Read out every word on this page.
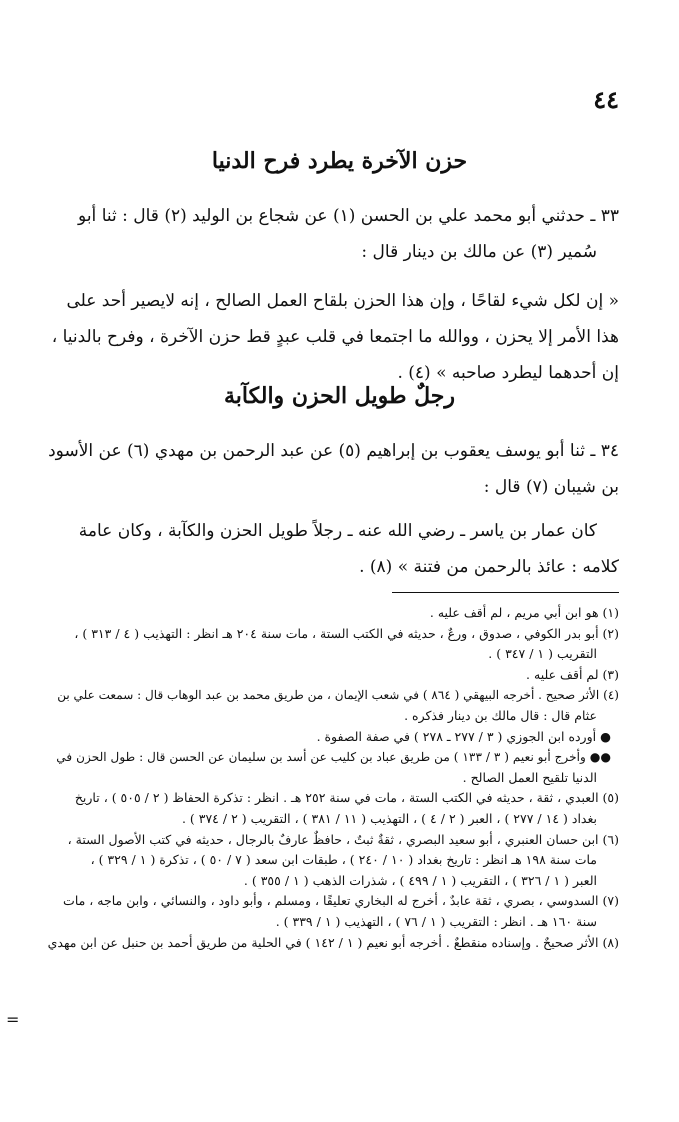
٤٤
حزن الآخرة يطرد فرح الدنيا
٣٣ ـ حدثني أبو محمد علي بن الحسن (١) عن شجاع بن الوليد (٢) قال : ثنا أبو
سُمير (٣) عن مالك بن دينار قال :
« إن لكل شيء لقاحًا ، وإن هذا الحزن بلقاح العمل الصالح ، إنه لايصير أحد على
هذا الأمر إلا يحزن ، ووالله ما اجتمعا في قلب عبدٍ قط حزن الآخرة ، وفرح بالدنيا ،
إن أحدهما ليطرد صاحبه » (٤) .
رجلٌ طويل الحزن والكآبة
٣٤ ـ ثنا أبو يوسف يعقوب بن إبراهيم (٥) عن عبد الرحمن بن مهدي (٦) عن الأسود
بن شيبان (٧) قال :
كان عمار بن ياسر ـ رضي الله عنه ـ رجلاً طويل الحزن والكآبة ، وكان عامة
كلامه : عائذ بالرحمن من فتنة » (٨) .
(١) هو ابن أبي مريم ، لم أقف عليه .
(٢) أبو بدر الكوفي ، صدوق ، ورعٌ ، حديثه في الكتب الستة ، مات سنة ٢٠٤ هـ انظر : التهذيب ( ٤ / ٣١٣ ) ،
التقريب ( ١ / ٣٤٧ ) .
(٣) لم أقف عليه .
(٤) الأثر صحيح . أخرجه البيهقي ( ٨٦٤ ) في شعب الإيمان ، من طريق محمد بن عبد الوهاب قال : سمعت علي بن
عثام قال : قال مالك بن دينار فذكره .
● أورده ابن الجوزي ( ٣ / ٢٧٧ ـ ٢٧٨ ) في صفة الصفوة .
●● وأخرج أبو نعيم ( ٣ / ١٣٣ ) من طريق عباد بن كليب عن أسد بن سليمان عن الحسن قال : طول الحزن في
الدنيا تلقيح العمل الصالح .
(٥) العبدي ، ثقة ، حديثه في الكتب الستة ، مات في سنة ٢٥٢ هـ . انظر : تذكرة الحفاظ ( ٢ / ٥٠٥ ) ، تاريخ
بغداد ( ١٤ / ٢٧٧ ) ، العبر ( ٢ / ٤ ) ، التهذيب ( ١١ / ٣٨١ ) ، التقريب ( ٢ / ٣٧٤ ) .
(٦) ابن حسان العنبري ، أبو سعيد البصري ، ثقةٌ ثبتٌ ، حافظٌ عارفٌ بالرجال ، حديثه في كتب الأصول الستة ،
مات سنة ١٩٨ هـ انظر : تاريخ بغداد ( ١٠ / ٢٤٠ ) ، طبقات ابن سعد ( ٧ / ٥٠ ) ، تذكرة ( ١ / ٣٢٩ ) ،
العبر ( ١ / ٣٢٦ ) ، التقريب ( ١ / ٤٩٩ ) ، شذرات الذهب ( ١ / ٣٥٥ ) .
(٧) السدوسي ، بصري ، ثقة عابدٌ ، أخرج له البخاري تعليقًا ، ومسلم ، وأبو داود ، والنسائي ، وابن ماجه ، مات
سنة ١٦٠ هـ . انظر : التقريب ( ١ / ٧٦ ) ، التهذيب ( ١ / ٣٣٩ ) .
(٨) الأثر صحيحٌ . وإسناده منقطعٌ . أخرجه أبو نعيم ( ١ / ١٤٢ ) في الحلية من طريق أحمد بن حنبل عن ابن مهدي
=
